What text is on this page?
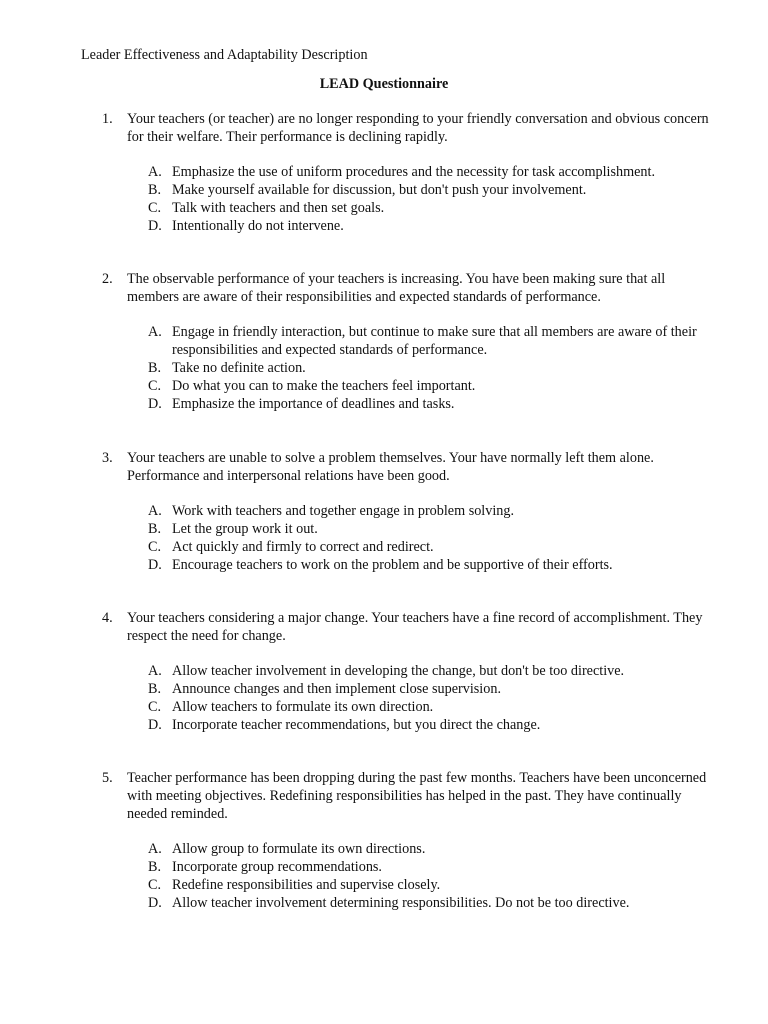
Leader Effectiveness and Adaptability Description
LEAD Questionnaire
1.	Your teachers (or teacher) are no longer responding to your friendly conversation and obvious concern for their welfare. Their performance is declining rapidly.
A. Emphasize the use of uniform procedures and the necessity for task accomplishment.
B. Make yourself available for discussion, but don't push your involvement.
C. Talk with teachers and then set goals.
D. Intentionally do not intervene.
2.	The observable performance of your teachers is increasing. You have been making sure that all members are aware of their responsibilities and expected standards of performance.
A. Engage in friendly interaction, but continue to make sure that all members are aware of their responsibilities and expected standards of performance.
B. Take no definite action.
C. Do what you can to make the teachers feel important.
D. Emphasize the importance of deadlines and tasks.
3.	Your teachers are unable to solve a problem themselves. Your have normally left them alone. Performance and interpersonal relations have been good.
A. Work with teachers and together engage in problem solving.
B. Let the group work it out.
C. Act quickly and firmly to correct and redirect.
D. Encourage teachers to work on the problem and be supportive of their efforts.
4.	Your teachers considering a major change. Your teachers have a fine record of accomplishment. They respect the need for change.
A. Allow teacher involvement in developing the change, but don't be too directive.
B. Announce changes and then implement close supervision.
C. Allow teachers to formulate its own direction.
D. Incorporate teacher recommendations, but you direct the change.
5.	Teacher performance has been dropping during the past few months. Teachers have been unconcerned with meeting objectives. Redefining responsibilities has helped in the past. They have continually needed reminded.
A. Allow group to formulate its own directions.
B. Incorporate group recommendations.
C. Redefine responsibilities and supervise closely.
D. Allow teacher involvement determining responsibilities. Do not be too directive.
